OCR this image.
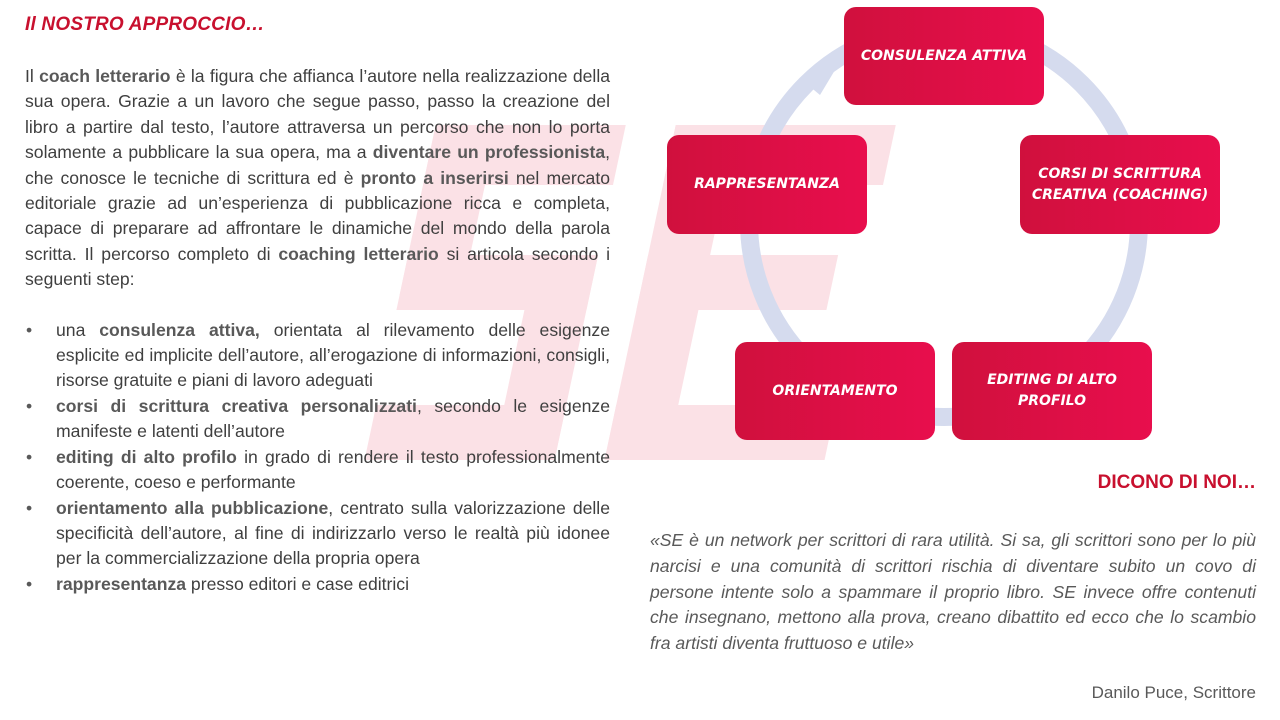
Il NOSTRO APPROCCIO…

Il coach letterario è la figura che affianca l’autore nella realizzazione della sua opera. Grazie a un lavoro che segue passo, passo la creazione del libro a partire dal testo, l’autore attraversa un percorso che non lo porta solamente a pubblicare la sua opera, ma a diventare un professionista, che conosce le tecniche di scrittura ed è pronto a inserirsi nel mercato editoriale grazie ad un’esperienza di pubblicazione ricca e completa, capace di preparare ad affrontare le dinamiche del mondo della parola scritta. Il percorso completo di coaching letterario si articola secondo i seguenti step:

• una consulenza attiva, orientata al rilevamento delle esigenze esplicite ed implicite dell’autore, all’erogazione di informazioni, consigli, risorse gratuite e piani di lavoro adeguati
• corsi di scrittura creativa personalizzati, secondo le esigenze manifeste e latenti dell’autore
• editing di alto profilo in grado di rendere il testo professionalmente coerente, coeso e performante
• orientamento alla pubblicazione, centrato sulla valorizzazione delle specificità dell’autore, al fine di indirizzarlo verso le realtà più idonee per la commercializzazione della propria opera
• rappresentanza presso editori e case editrici
CONSULENZA ATTIVA
CORSI DI SCRITTURA CREATIVA (COACHING)
EDITING DI ALTO PROFILO
ORIENTAMENTO
RAPPRESENTANZA
DICONO DI NOI…

«SE è un network per scrittori di rara utilità. Si sa, gli scrittori sono per lo più narcisi e una comunità di scrittori rischia di diventare subito un covo di persone intente solo a spammare il proprio libro. SE invece offre contenuti che insegnano, mettono alla prova, creano dibattito ed ecco che lo scambio fra artisti diventa fruttuoso e utile»

Danilo Puce, Scrittore
